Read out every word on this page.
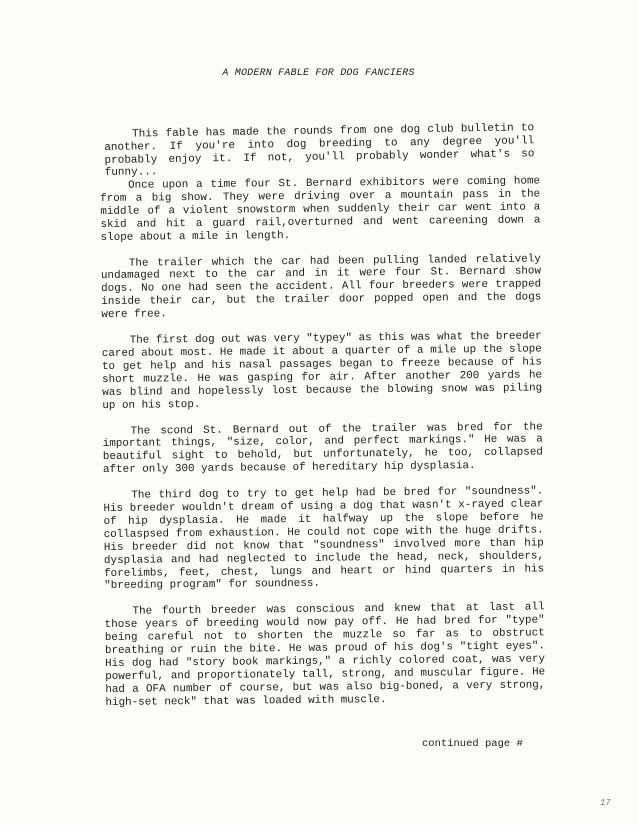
A MODERN FABLE FOR DOG FANCIERS

This fable has made the rounds from one dog club bulletin to another. If you're into dog breeding to any degree you'll probably enjoy it. If not, you'll probably wonder what's so funny...

Once upon a time four St. Bernard exhibitors were coming home from a big show. They were driving over a mountain pass in the middle of a violent snowstorm when suddenly their car went into a skid and hit a guard rail,overturned and went careening down a slope about a mile in length.

The trailer which the car had been pulling landed relatively undamaged next to the car and in it were four St. Bernard show dogs. No one had seen the accident. All four breeders were trapped inside their car, but the trailer door popped open and the dogs were free.

The first dog out was very "typey" as this was what the breeder cared about most. He made it about a quarter of a mile up the slope to get help and his nasal passages began to freeze because of his short muzzle. He was gasping for air. After another 200 yards he was blind and hopelessly lost because the blowing snow was piling up on his stop.

The scond St. Bernard out of the trailer was bred for the important things, "size, color, and perfect markings." He was a beautiful sight to behold, but unfortunately, he too, collapsed after only 300 yards because of hereditary hip dysplasia.

The third dog to try to get help had be bred for "soundness". His breeder wouldn't dream of using a dog that wasn't x-rayed clear of hip dysplasia. He made it halfway up the slope before he collaspsed from exhaustion. He could not cope with the huge drifts. His breeder did not know that "soundness" involved more than hip dysplasia and had neglected to include the head, neck, shoulders, forelimbs, feet, chest, lungs and heart or hind quarters in his "breeding program" for soundness.

The fourth breeder was conscious and knew that at last all those years of breeding would now pay off. He had bred for "type" being careful not to shorten the muzzle so far as to obstruct breathing or ruin the bite. He was proud of his dog's "tight eyes". His dog had "story book markings," a richly colored coat, was very powerful, and proportionately tall, strong, and muscular figure. He had a OFA number of course, but was also big-boned, a very strong, high-set neck" that was loaded with muscle.

continued page #
17
